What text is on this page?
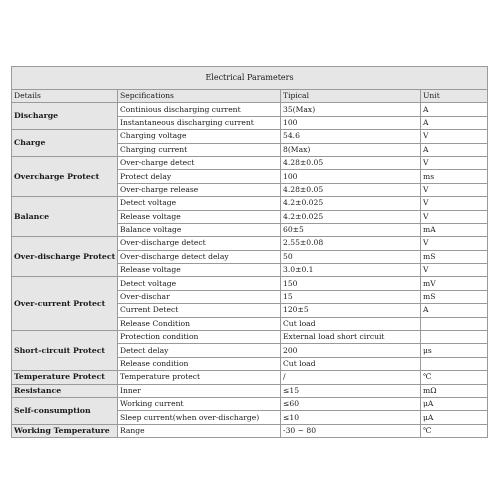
Electrical Parameters			
Details	Sepcifications	Tipical	Unit
Discharge	Continious discharging current	35(Max)	A
	Instantaneous discharging current	100	A
Charge	Charging voltage	54.6	V
	Charging current	8(Max)	A
Overcharge Protect	Over-charge detect	4.28±0.05	V
	Protect delay	100	ms
	Over-charge release	4.28±0.05	V
Balance	Detect voltage	4.2±0.025	V
	Release voltage	4.2±0.025	V
	Balance voltage	60±5	mA
Over-discharge Protect	Over-discharge detect	2.55±0.08	V
	Over-discharge detect delay	50	mS
	Release voltage	3.0±0.1	V
Over-current Protect	Detect voltage	150	mV
	Over-dischar	15	mS
	Current Detect	120±5	A
	Release Condition	Cut load	
Short-circuit Protect	Protection condition	External load short circuit	
	Detect delay	200	μs
	Release condition	Cut load	
Temperature Protect	Temperature protect	/	℃
Resistance	Inner	≤15	mΩ
Self-consumption	Working current	≤60	μA
	Sleep current(when over-discharge)	≤10	μA
Working Temperature	Range	-30 ~ 80	℃
